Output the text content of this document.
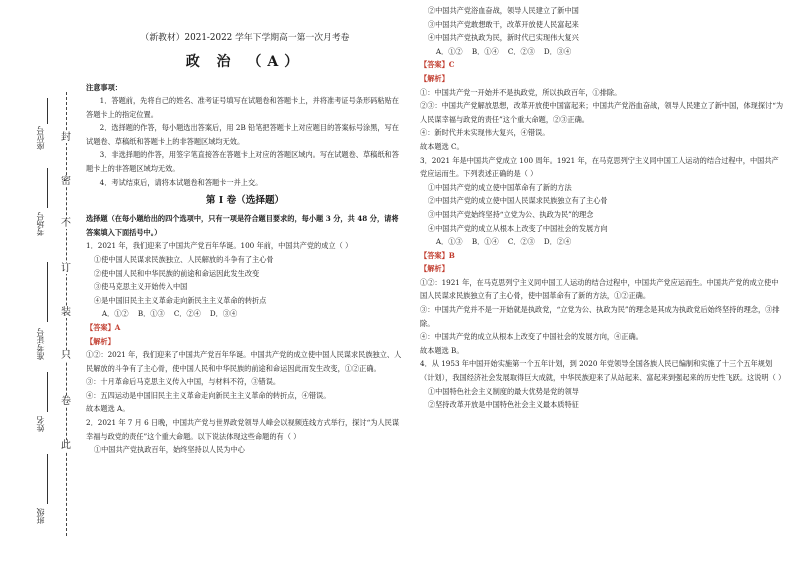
封
密
不
订
装
只
卷
此
座位号
考场号
准考证号
姓名
班级
（新教材）2021-2022 学年下学期高一第一次月考卷
政 治 （A）
注意事项：

1．答题前，先将自己的姓名、准考证号填写在试题卷和答题卡上，并将准考证号条形码粘贴在答题卡上的指定位置。

2．选择题的作答，每小题选出答案后，用 2B 铅笔把答题卡上对应题目的答案标号涂黑，写在试题卷、草稿纸和答题卡上的非答题区域均无效。

3．非选择题的作答，用签字笔直接答在答题卡上对应的答题区域内。写在试题卷、草稿纸和答题卡上的非答题区域均无效。

4．考试结束后，请将本试题卷和答题卡一并上交。

第 I 卷（选择题）

选择题（在每小题给出的四个选项中，只有一项是符合题目要求的，每小题 3 分，共 48 分，请将答案填入下面括号中。）

1．2021 年，我们迎来了中国共产党百年华诞。100 年前，中国共产党的成立（ ）

①使中国人民谋求民族独立、人民解放的斗争有了主心骨

②使中国人民和中华民族的前途和命运因此发生改变

③使马克思主义开始传入中国

④是中国旧民主主义革命走向新民主主义革命的转折点

A．①② B．①③ C．②④ D．③④

【答案】A

【解析】

①②：2021 年，我们迎来了中国共产党百年华诞。中国共产党的成立使中国人民谋求民族独立、人民解放的斗争有了主心骨，使中国人民和中华民族的前途和命运因此而发生改变，①②正确。

③：十月革命后马克思主义传入中国，与材料不符，③错误。

④：五四运动是中国旧民主主义革命走向新民主主义革命的转折点，④错误。

故本题选 A。

2．2021 年 7 月 6 日晚，中国共产党与世界政党领导人峰会以视频连线方式举行，探讨“为人民谋幸福与政党的责任”这个重大命题。以下说法体现这些命题的有（ ）

①中国共产党执政百年，始终坚持以人民为中心

②中国共产党浴血奋战，领导人民建立了新中国

③中国共产党敢想敢干，改革开放使人民富起来

④中国共产党执政为民，新时代已实现伟大复兴

A．①② B．①④ C．②③ D．③④

【答案】C

【解析】

①：中国共产党一开始并不是执政党，所以执政百年，①排除。

②③：中国共产党解放思想，改革开放使中国富起来；中国共产党浴血奋战，领导人民建立了新中国，体现探讨“为人民谋幸福与政党的责任”这个重大命题，②③正确。

④：新时代并未实现伟大复兴，④错误。

故本题选 C。

3．2021 年是中国共产党成立 100 周年。1921 年，在马克思列宁主义同中国工人运动的结合过程中，中国共产党应运而生。下列表述正确的是（ ）

①中国共产党的成立使中国革命有了新的方法

②中国共产党的成立使中国人民谋求民族独立有了主心骨

③中国共产党始终坚持“立党为公、执政为民”的理念

④中国共产党的成立从根本上改变了中国社会的发展方向

A．①③ B．①④ C．②③ D．②④

【答案】B

【解析】

①②：1921 年，在马克思列宁主义同中国工人运动的结合过程中，中国共产党应运而生。中国共产党的成立使中国人民谋求民族独立有了主心骨，使中国革命有了新的方法，①②正确。

③：中国共产党并不是一开始就是执政党，“立党为公、执政为民”的理念是其成为执政党后始终坚持的理念，③排除。

④：中国共产党的成立从根本上改变了中国社会的发展方向，④正确。

故本题选 B。

4．从 1953 年中国开始实施第一个五年计划，到 2020 年党领导全国各族人民已编制和实施了十三个五年规划（计划），我国经济社会发展取得巨大成就，中华民族迎来了从站起来、富起来到强起来的历史性飞跃。这说明（ ）

①中国特色社会主义制度的最大优势是党的领导

②坚持改革开放是中国特色社会主义最本质特征
